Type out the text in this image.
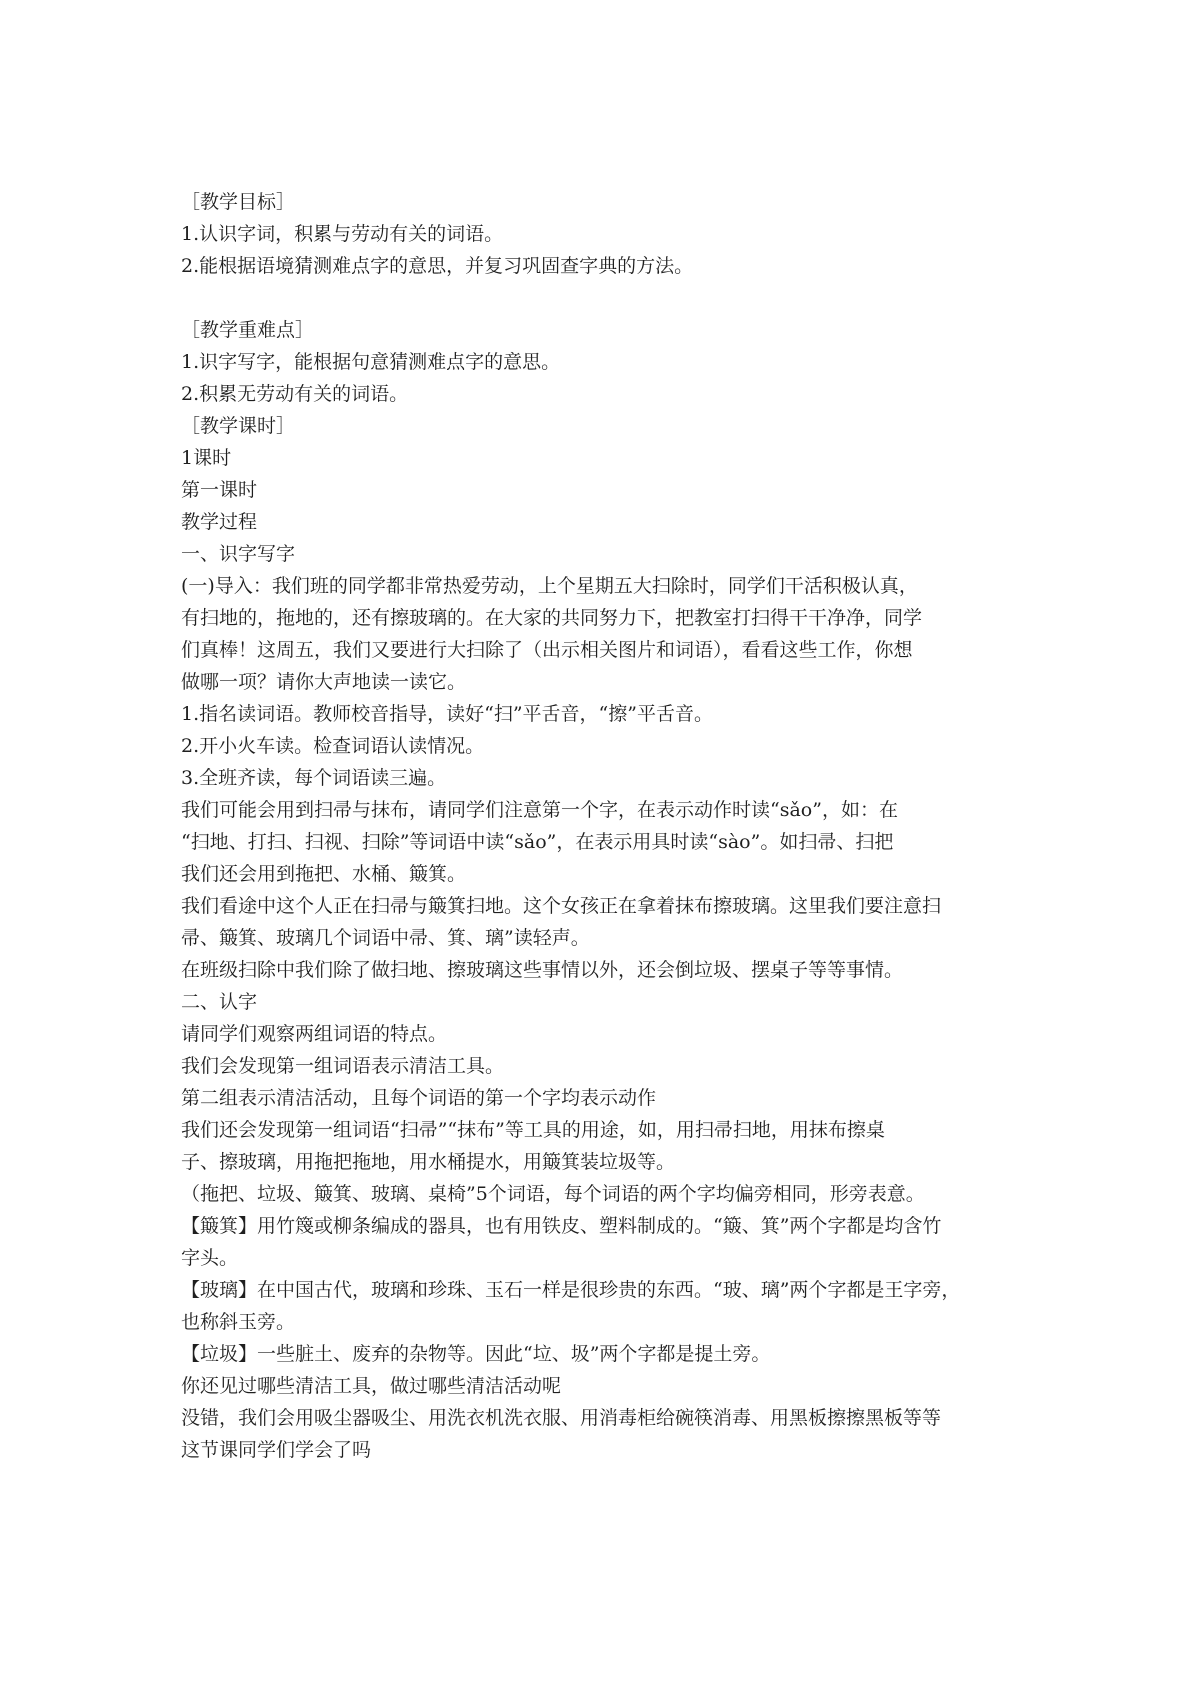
［教学目标］
1.认识字词，积累与劳动有关的词语。
2.能根据语境猜测难点字的意思，并复习巩固查字典的方法。
［教学重难点］
1.识字写字，能根据句意猜测难点字的意思。
2.积累无劳动有关的词语。
［教学课时］
1课时
第一课时
教学过程
一、识字写字
(一)导入：我们班的同学都非常热爱劳动，上个星期五大扫除时，同学们干活积极认真，
有扫地的，拖地的，还有擦玻璃的。在大家的共同努力下，把教室打扫得干干净净，同学
们真棒！这周五，我们又要进行大扫除了（出示相关图片和词语），看看这些工作，你想
做哪一项？请你大声地读一读它。
1.指名读词语。教师校音指导，读好“扫”平舌音，“擦”平舌音。
2.开小火车读。检查词语认读情况。
3.全班齐读，每个词语读三遍。
我们可能会用到扫帚与抹布，请同学们注意第一个字，在表示动作时读“sǎo”，如：在
“扫地、打扫、扫视、扫除”等词语中读“sǎo”，在表示用具时读“sào”。如扫帚、扫把
我们还会用到拖把、水桶、簸箕。
我们看途中这个人正在扫帚与簸箕扫地。这个女孩正在拿着抹布擦玻璃。这里我们要注意扫
帚、簸箕、玻璃几个词语中帚、箕、璃”读轻声。
在班级扫除中我们除了做扫地、擦玻璃这些事情以外，还会倒垃圾、摆桌子等等事情。
二、认字
请同学们观察两组词语的特点。
我们会发现第一组词语表示清洁工具。
第二组表示清洁活动，且每个词语的第一个字均表示动作
我们还会发现第一组词语“扫帚”“抹布”等工具的用途，如，用扫帚扫地，用抹布擦桌
子、擦玻璃，用拖把拖地，用水桶提水，用簸箕装垃圾等。
（拖把、垃圾、簸箕、玻璃、桌椅”5个词语，每个词语的两个字均偏旁相同，形旁表意。
【簸箕】用竹篾或柳条编成的器具，也有用铁皮、塑料制成的。“簸、箕”两个字都是均含竹
字头。
【玻璃】在中国古代，玻璃和珍珠、玉石一样是很珍贵的东西。“玻、璃”两个字都是王字旁，
也称斜玉旁。
【垃圾】一些脏土、废弃的杂物等。因此“垃、圾”两个字都是提土旁。
你还见过哪些清洁工具，做过哪些清洁活动呢
没错，我们会用吸尘器吸尘、用洗衣机洗衣服、用消毒柜给碗筷消毒、用黑板擦擦黑板等等
这节课同学们学会了吗
